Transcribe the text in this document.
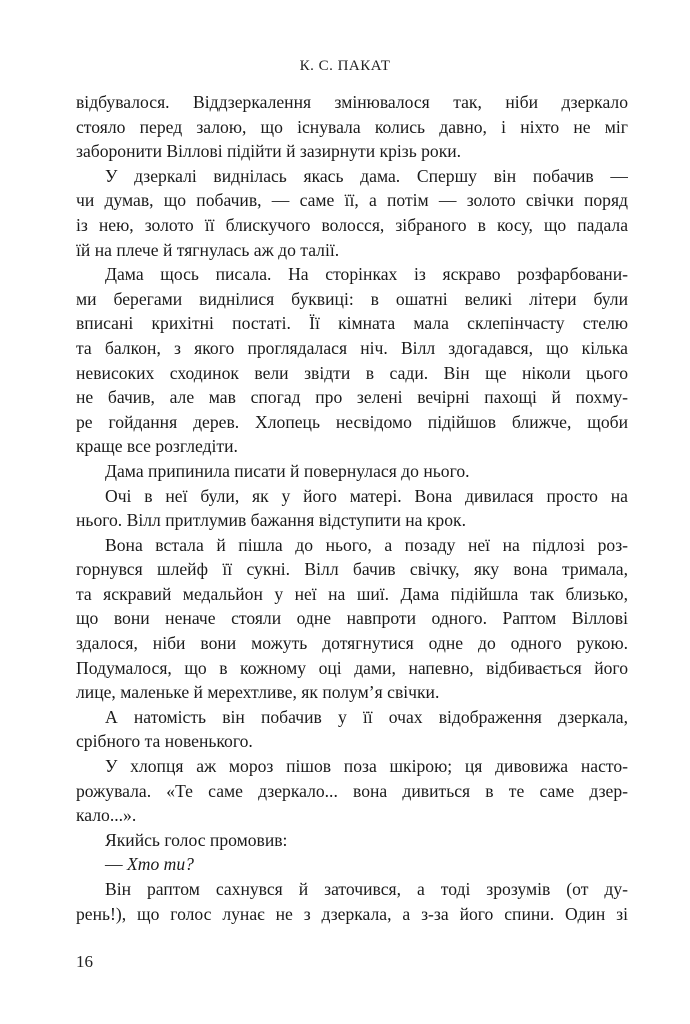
К. С. ПАКАТ
відбувалося. Віддзеркалення змінювалося так, ніби дзеркало
стояло перед залою, що існувала колись давно, і ніхто не міг
заборонити Віллові підійти й зазирнути крізь роки.
У дзеркалі виднілась якась дама. Спершу він побачив —
чи думав, що побачив, — саме її, а потім — золото свічки поряд
із нею, золото її блискучого волосся, зібраного в косу, що падала
їй на плече й тягнулась аж до талії.
Дама щось писала. На сторінках із яскраво розфарбовани-
ми берегами виднілися буквиці: в ошатні великі літери були
вписані крихітні постаті. Її кімната мала склепінчасту стелю
та балкон, з якого проглядалася ніч. Вілл здогадався, що кілька
невисоких сходинок вели звідти в сади. Він ще ніколи цього
не бачив, але мав спогад про зелені вечірні пахощі й похму-
ре гойдання дерев. Хлопець несвідомо підійшов ближче, щоби
краще все розгледіти.
Дама припинила писати й повернулася до нього.
Очі в неї були, як у його матері. Вона дивилася просто на
нього. Вілл притлумив бажання відступити на крок.
Вона встала й пішла до нього, а позаду неї на підлозі роз-
горнувся шлейф її сукні. Вілл бачив свічку, яку вона тримала,
та яскравий медальйон у неї на шиї. Дама підійшла так близько,
що вони неначе стояли одне навпроти одного. Раптом Віллові
здалося, ніби вони можуть дотягнутися одне до одного рукою.
Подумалося, що в кожному оці дами, напевно, відбивається його
лице, маленьке й мерехтливе, як полум’я свічки.
А натомість він побачив у її очах відображення дзеркала,
срібного та новенького.
У хлопця аж мороз пішов поза шкірою; ця дивовижа насто-
рожувала. «Те саме дзеркало... вона дивиться в те саме дзер-
кало...».
Якийсь голос промовив:
— Хто ти?
Він раптом сахнувся й заточився, а тоді зрозумів (от ду-
рень!), що голос лунає не з дзеркала, а з-за його спини. Один зі
16
